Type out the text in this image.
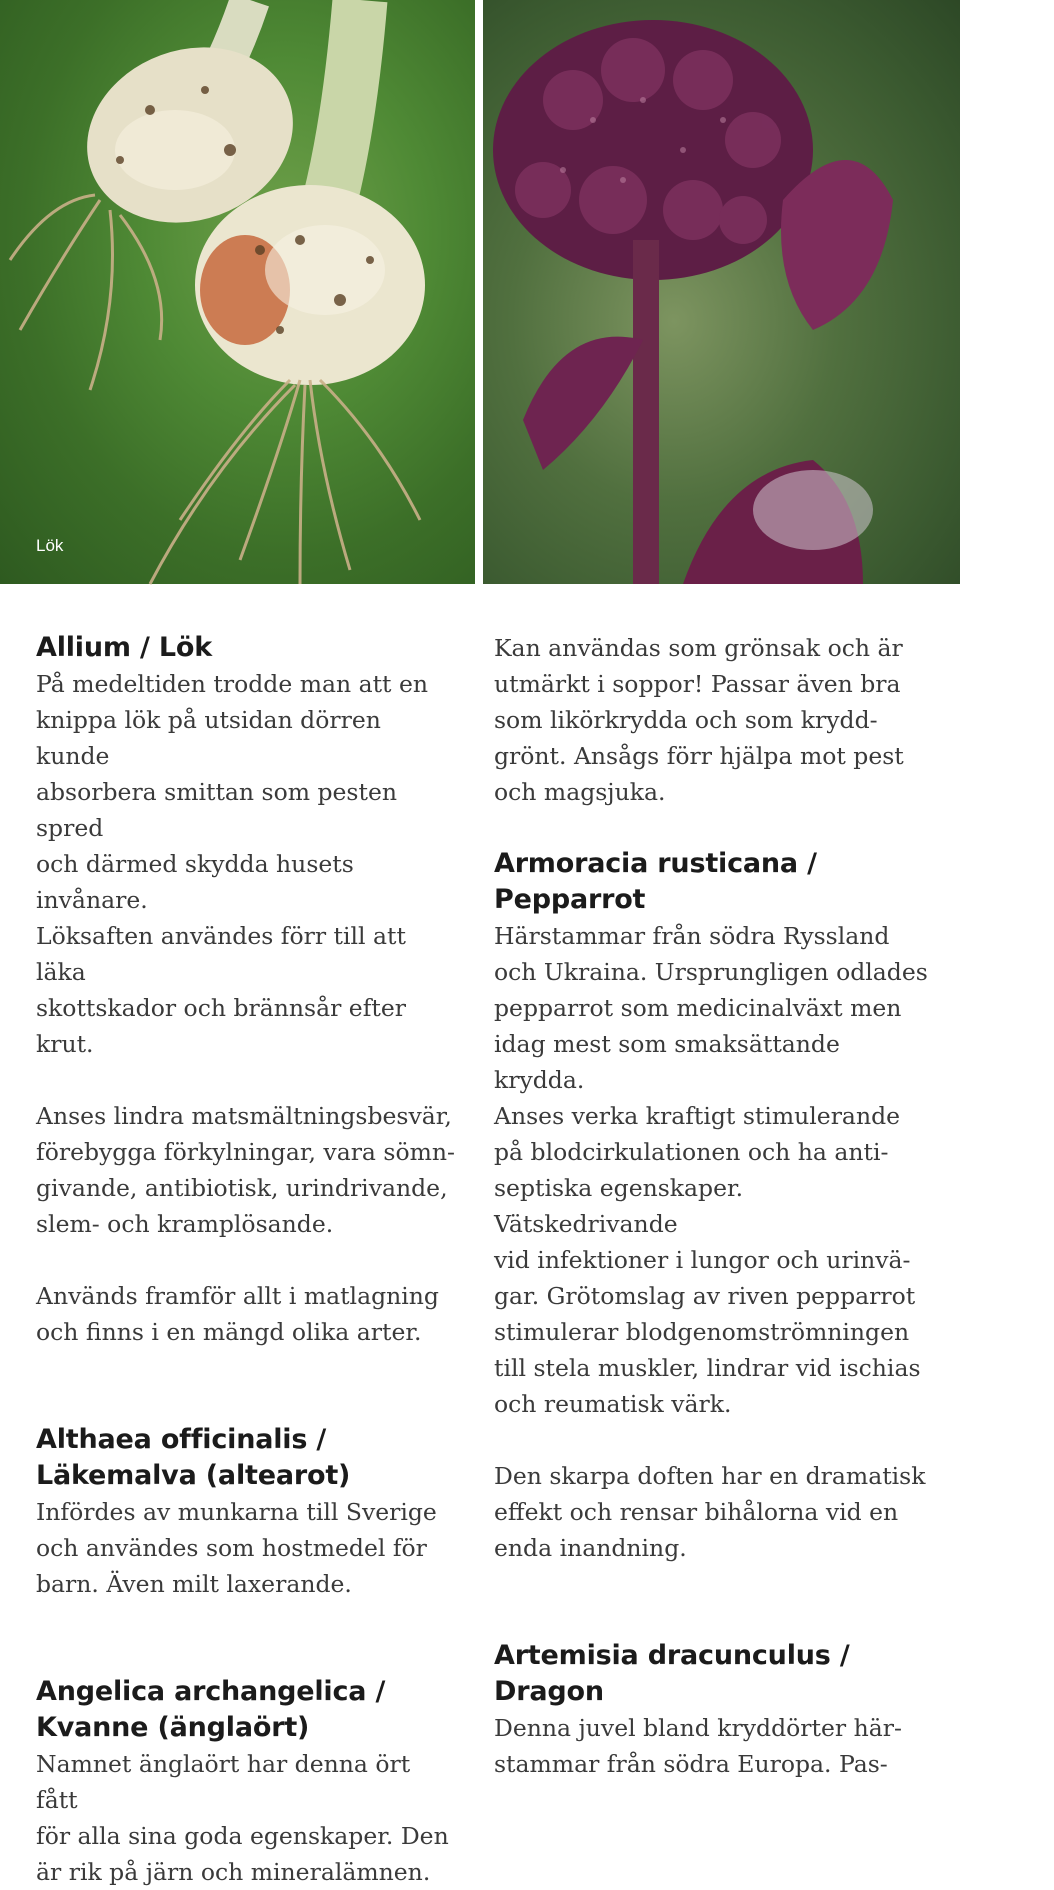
Lök	Kvanne
Allium / Lök

På medeltiden trodde man att en
knippa lök på utsidan dörren kunde
absorbera smittan som pesten spred
och därmed skydda husets invånare.
Löksaften användes förr till att läka
skottskador och brännsår efter krut.

Anses lindra matsmältningsbesvär,
förebygga förkylningar, vara sömn-
givande, antibiotisk, urindrivande,
slem- och kramplösande.

Används framför allt i matlagning
och finns i en mängd olika arter.

Althaea officinalis /
Läkemalva (altearot)

Infördes av munkarna till Sverige
och användes som hostmedel för
barn. Även milt laxerande.

Angelica archangelica /
Kvanne (änglaört)

Namnet änglaört har denna ört fått
för alla sina goda egenskaper. Den
är rik på järn och mineralämnen.

Kan användas som grönsak och är
utmärkt i soppor! Passar även bra
som likörkrydda och som krydd-
grönt. Ansågs förr hjälpa mot pest
och magsjuka.

Armoracia rusticana /
Pepparrot

Härstammar från södra Ryssland
och Ukraina. Ursprungligen odlades
pepparrot som medicinalväxt men
idag mest som smaksättande krydda.
Anses verka kraftigt stimulerande
på blodcirkulationen och ha anti-
septiska egenskaper. Vätskedrivande
vid infektioner i lungor och urinvä-
gar. Grötomslag av riven pepparrot
stimulerar blodgenomströmningen
till stela muskler, lindrar vid ischias
och reumatisk värk.

Den skarpa doften har en dramatisk
effekt och rensar bihålorna vid en
enda inandning.

Artemisia dracunculus /
Dragon

Denna juvel bland kryddörter här-
stammar från södra Europa. Pas-
